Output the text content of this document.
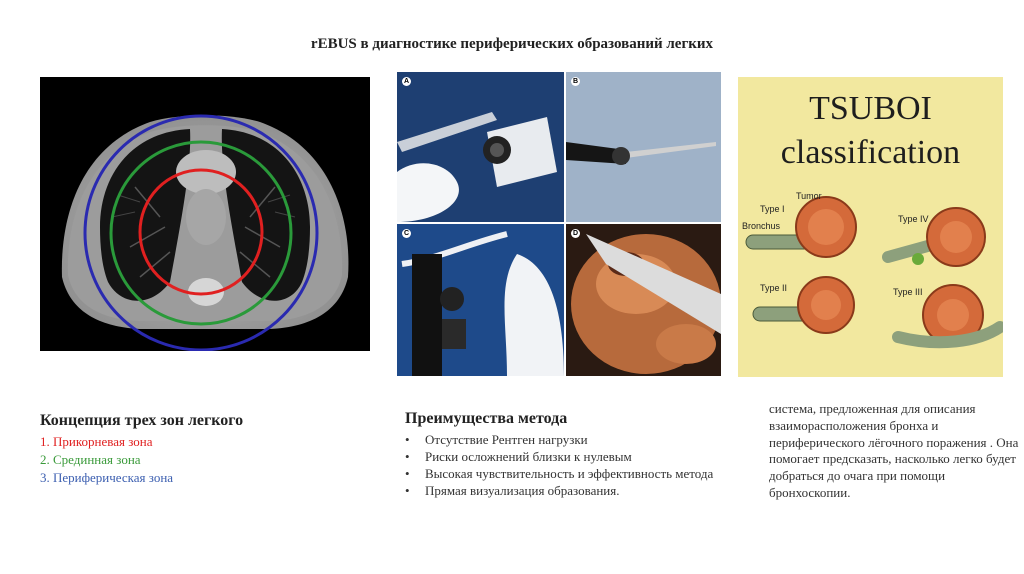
rEBUS в диагностике периферических образований легких
A	B
C	D
TSUBOI
classification
Tumor
Type I
Bronchus
Type IV
Type II	Type III
Концепция трех зон легкого
1. Прикорневая зона
2. Срединная зона
3. Периферическая зона
Преимущества метода
• Отсутствие Рентген нагрузки
• Риски осложнений близки к нулевым
• Высокая чувствительность и эффективность метода
• Прямая визуализация образования.
система, предложенная для описания взаиморасположения бронха и периферического лёгочного поражения . Она помогает предсказать, насколько легко будет добраться до очага при помощи бронхоскопии.
